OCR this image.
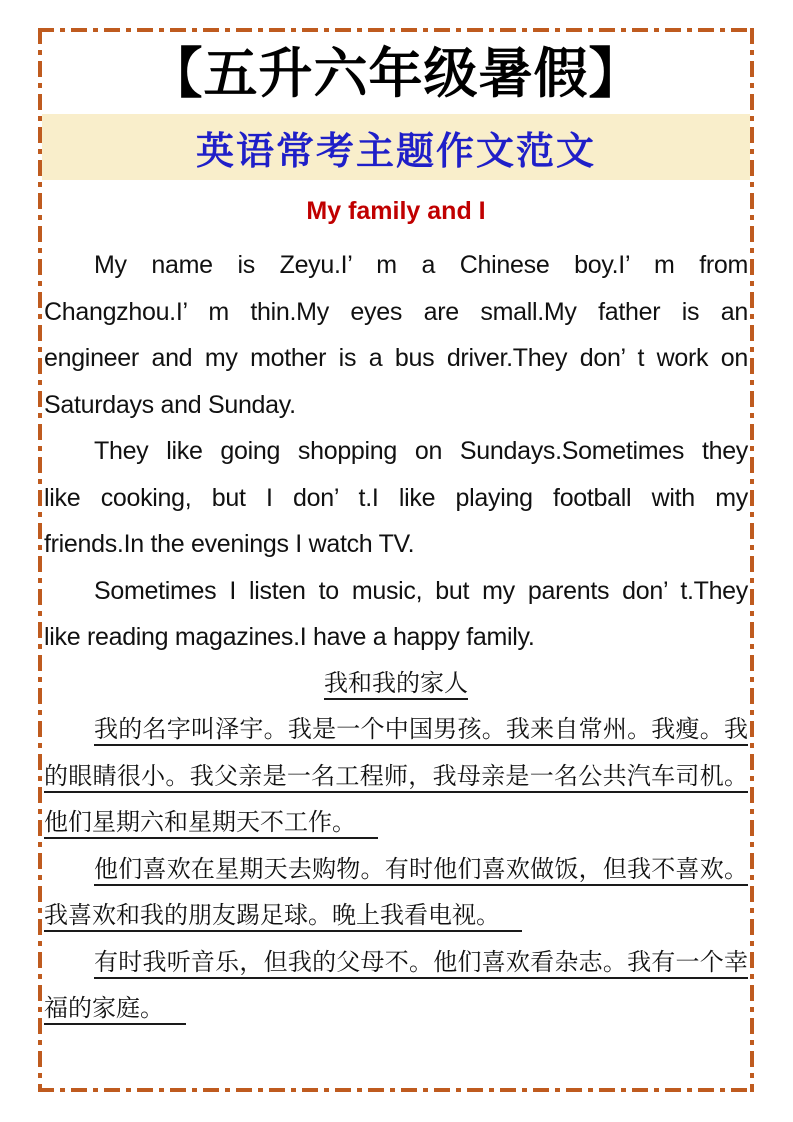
【五升六年级暑假】
英语常考主题作文范文
My family and I
My name is Zeyu.I’ m a Chinese boy.I’ m from
Changzhou.I’ m thin.My eyes are small.My father is an
engineer and my mother is a bus driver.They don’ t work on
Saturdays and Sunday.
They like going shopping on Sundays.Sometimes they
like cooking, but I don’ t.I like playing football with my
friends.In the evenings I watch TV.
Sometimes I listen to music, but my parents don’ t.They
like reading magazines.I have a happy family.
我和我的家人
我的名字叫泽宇。我是一个中国男孩。我来自常州。我瘦。我
的眼睛很小。我父亲是一名工程师，我母亲是一名公共汽车司机。
他们星期六和星期天不工作。
他们喜欢在星期天去购物。有时他们喜欢做饭，但我不喜欢。
我喜欢和我的朋友踢足球。晚上我看电视。
有时我听音乐，但我的父母不。他们喜欢看杂志。我有一个幸
福的家庭。
